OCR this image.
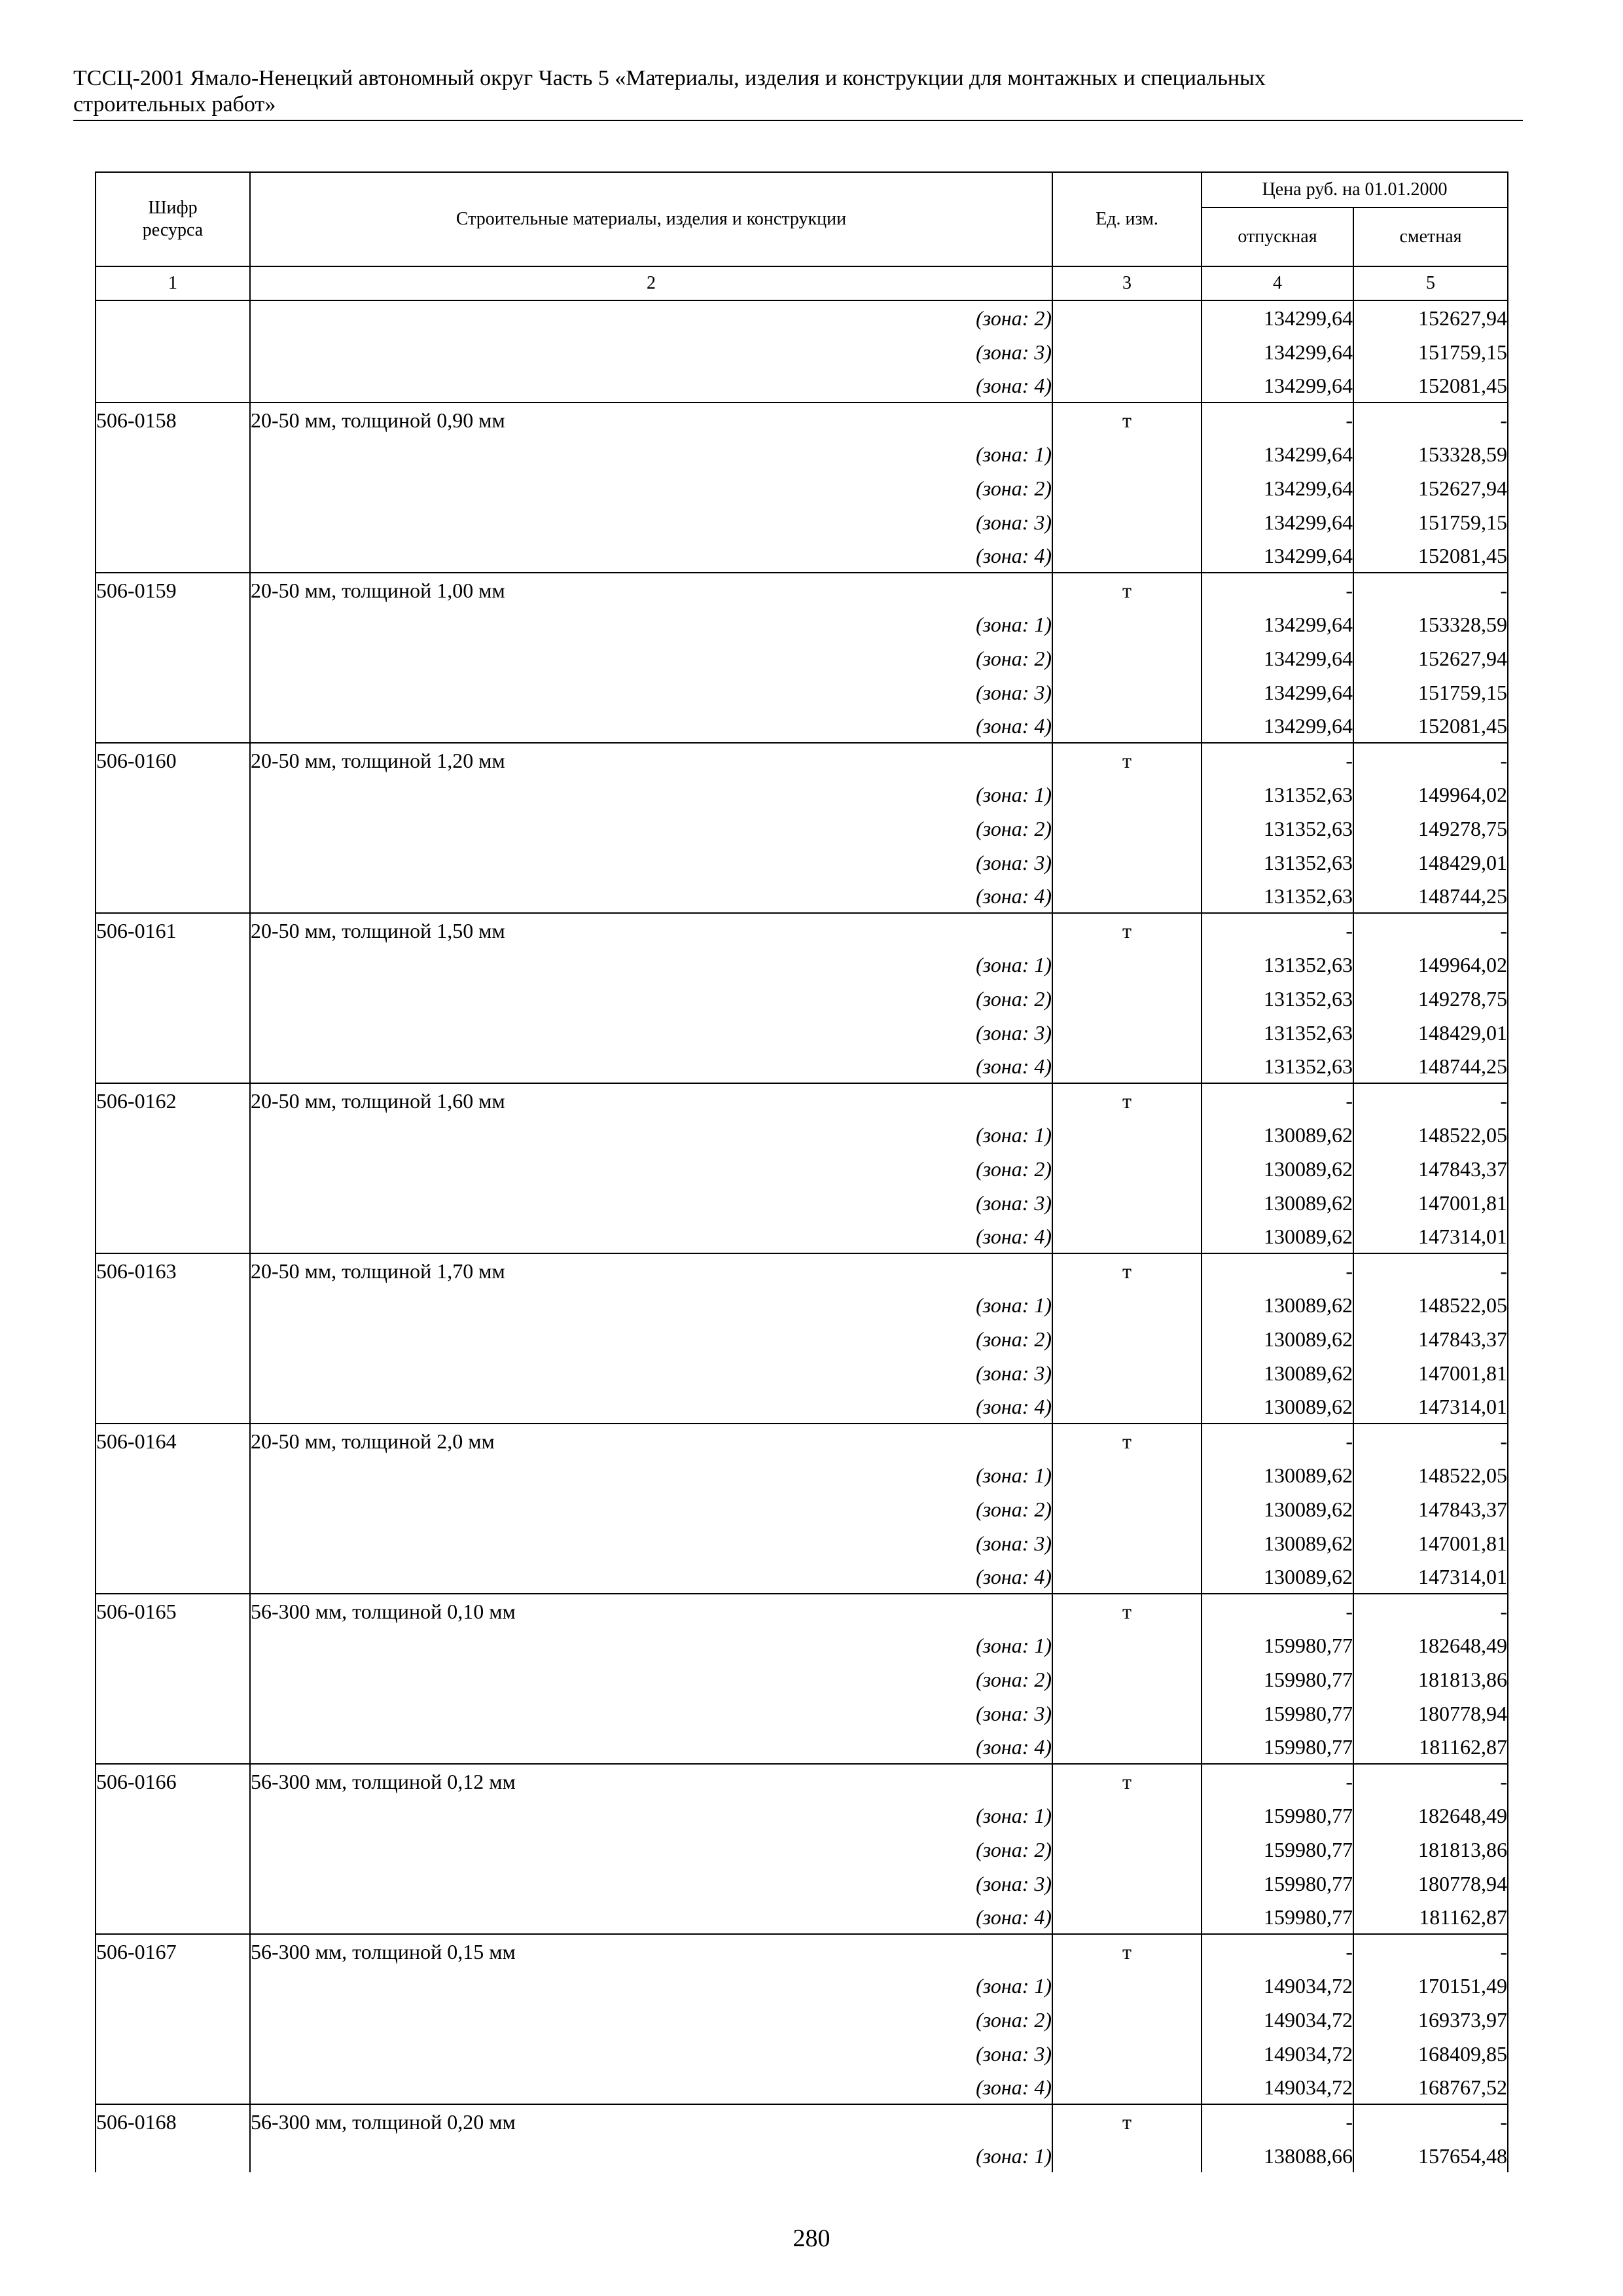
ТССЦ-2001 Ямало-Ненецкий автономный округ Часть 5 «Материалы, изделия и конструкции для монтажных и специальных
строительных работ»
Шифр ресурса	Строительные материалы, изделия и конструкции	Ед. изм.	Цена руб. на 01.01.2000	
			отпускная	сметная
1	2	3	4	5
	(зона: 2)		134299,64	152627,94
	(зона: 3)		134299,64	151759,15
	(зона: 4)		134299,64	152081,45
506-0158	20-50 мм, толщиной 0,90 мм	т	-	-
	(зона: 1)		134299,64	153328,59
	(зона: 2)		134299,64	152627,94
	(зона: 3)		134299,64	151759,15
	(зона: 4)		134299,64	152081,45
506-0159	20-50 мм, толщиной 1,00 мм	т	-	-
	(зона: 1)		134299,64	153328,59
	(зона: 2)		134299,64	152627,94
	(зона: 3)		134299,64	151759,15
	(зона: 4)		134299,64	152081,45
506-0160	20-50 мм, толщиной 1,20 мм	т	-	-
	(зона: 1)		131352,63	149964,02
	(зона: 2)		131352,63	149278,75
	(зона: 3)		131352,63	148429,01
	(зона: 4)		131352,63	148744,25
506-0161	20-50 мм, толщиной 1,50 мм	т	-	-
	(зона: 1)		131352,63	149964,02
	(зона: 2)		131352,63	149278,75
	(зона: 3)		131352,63	148429,01
	(зона: 4)		131352,63	148744,25
506-0162	20-50 мм, толщиной 1,60 мм	т	-	-
	(зона: 1)		130089,62	148522,05
	(зона: 2)		130089,62	147843,37
	(зона: 3)		130089,62	147001,81
	(зона: 4)		130089,62	147314,01
506-0163	20-50 мм, толщиной 1,70 мм	т	-	-
	(зона: 1)		130089,62	148522,05
	(зона: 2)		130089,62	147843,37
	(зона: 3)		130089,62	147001,81
	(зона: 4)		130089,62	147314,01
506-0164	20-50 мм, толщиной 2,0 мм	т	-	-
	(зона: 1)		130089,62	148522,05
	(зона: 2)		130089,62	147843,37
	(зона: 3)		130089,62	147001,81
	(зона: 4)		130089,62	147314,01
506-0165	56-300 мм, толщиной 0,10 мм	т	-	-
	(зона: 1)		159980,77	182648,49
	(зона: 2)		159980,77	181813,86
	(зона: 3)		159980,77	180778,94
	(зона: 4)		159980,77	181162,87
506-0166	56-300 мм, толщиной 0,12 мм	т	-	-
	(зона: 1)		159980,77	182648,49
	(зона: 2)		159980,77	181813,86
	(зона: 3)		159980,77	180778,94
	(зона: 4)		159980,77	181162,87
506-0167	56-300 мм, толщиной 0,15 мм	т	-	-
	(зона: 1)		149034,72	170151,49
	(зона: 2)		149034,72	169373,97
	(зона: 3)		149034,72	168409,85
	(зона: 4)		149034,72	168767,52
506-0168	56-300 мм, толщиной 0,20 мм	т	-	-
	(зона: 1)		138088,66	157654,48
280
